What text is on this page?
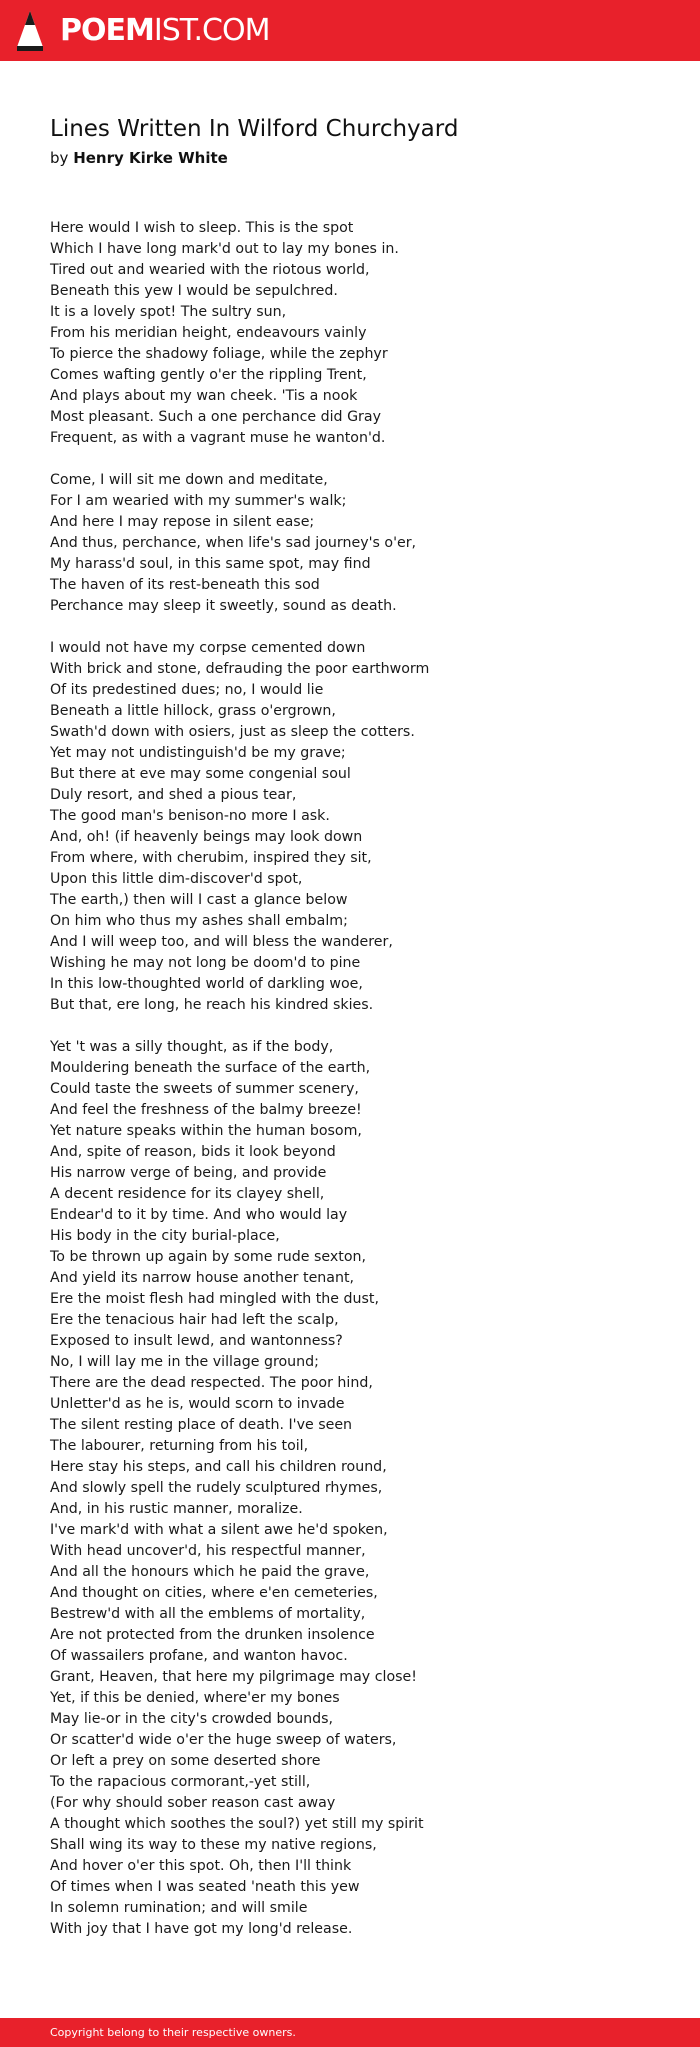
POEMIST.COM
Lines Written In Wilford Churchyard
by Henry Kirke White
Here would I wish to sleep. This is the spot
Which I have long mark'd out to lay my bones in.
Tired out and wearied with the riotous world,
Beneath this yew I would be sepulchred.
It is a lovely spot! The sultry sun,
From his meridian height, endeavours vainly
To pierce the shadowy foliage, while the zephyr
Comes wafting gently o'er the rippling Trent,
And plays about my wan cheek. 'Tis a nook
Most pleasant. Such a one perchance did Gray
Frequent, as with a vagrant muse he wanton'd.
Come, I will sit me down and meditate,
For I am wearied with my summer's walk;
And here I may repose in silent ease;
And thus, perchance, when life's sad journey's o'er,
My harass'd soul, in this same spot, may find
The haven of its rest-beneath this sod
Perchance may sleep it sweetly, sound as death.
I would not have my corpse cemented down
With brick and stone, defrauding the poor earthworm
Of its predestined dues; no, I would lie
Beneath a little hillock, grass o'ergrown,
Swath'd down with osiers, just as sleep the cotters.
Yet may not undistinguish'd be my grave;
But there at eve may some congenial soul
Duly resort, and shed a pious tear,
The good man's benison-no more I ask.
And, oh! (if heavenly beings may look down
From where, with cherubim, inspired they sit,
Upon this little dim-discover'd spot,
The earth,) then will I cast a glance below
On him who thus my ashes shall embalm;
And I will weep too, and will bless the wanderer,
Wishing he may not long be doom'd to pine
In this low-thoughted world of darkling woe,
But that, ere long, he reach his kindred skies.
Yet 't was a silly thought, as if the body,
Mouldering beneath the surface of the earth,
Could taste the sweets of summer scenery,
And feel the freshness of the balmy breeze!
Yet nature speaks within the human bosom,
And, spite of reason, bids it look beyond
His narrow verge of being, and provide
A decent residence for its clayey shell,
Endear'd to it by time. And who would lay
His body in the city burial-place,
To be thrown up again by some rude sexton,
And yield its narrow house another tenant,
Ere the moist flesh had mingled with the dust,
Ere the tenacious hair had left the scalp,
Exposed to insult lewd, and wantonness?
No, I will lay me in the village ground;
There are the dead respected. The poor hind,
Unletter'd as he is, would scorn to invade
The silent resting place of death. I've seen
The labourer, returning from his toil,
Here stay his steps, and call his children round,
And slowly spell the rudely sculptured rhymes,
And, in his rustic manner, moralize.
I've mark'd with what a silent awe he'd spoken,
With head uncover'd, his respectful manner,
And all the honours which he paid the grave,
And thought on cities, where e'en cemeteries,
Bestrew'd with all the emblems of mortality,
Are not protected from the drunken insolence
Of wassailers profane, and wanton havoc.
Grant, Heaven, that here my pilgrimage may close!
Yet, if this be denied, where'er my bones
May lie-or in the city's crowded bounds,
Or scatter'd wide o'er the huge sweep of waters,
Or left a prey on some deserted shore
To the rapacious cormorant,-yet still,
(For why should sober reason cast away
A thought which soothes the soul?) yet still my spirit
Shall wing its way to these my native regions,
And hover o'er this spot. Oh, then I'll think
Of times when I was seated 'neath this yew
In solemn rumination; and will smile
With joy that I have got my long'd release.
Copyright belong to their respective owners.
